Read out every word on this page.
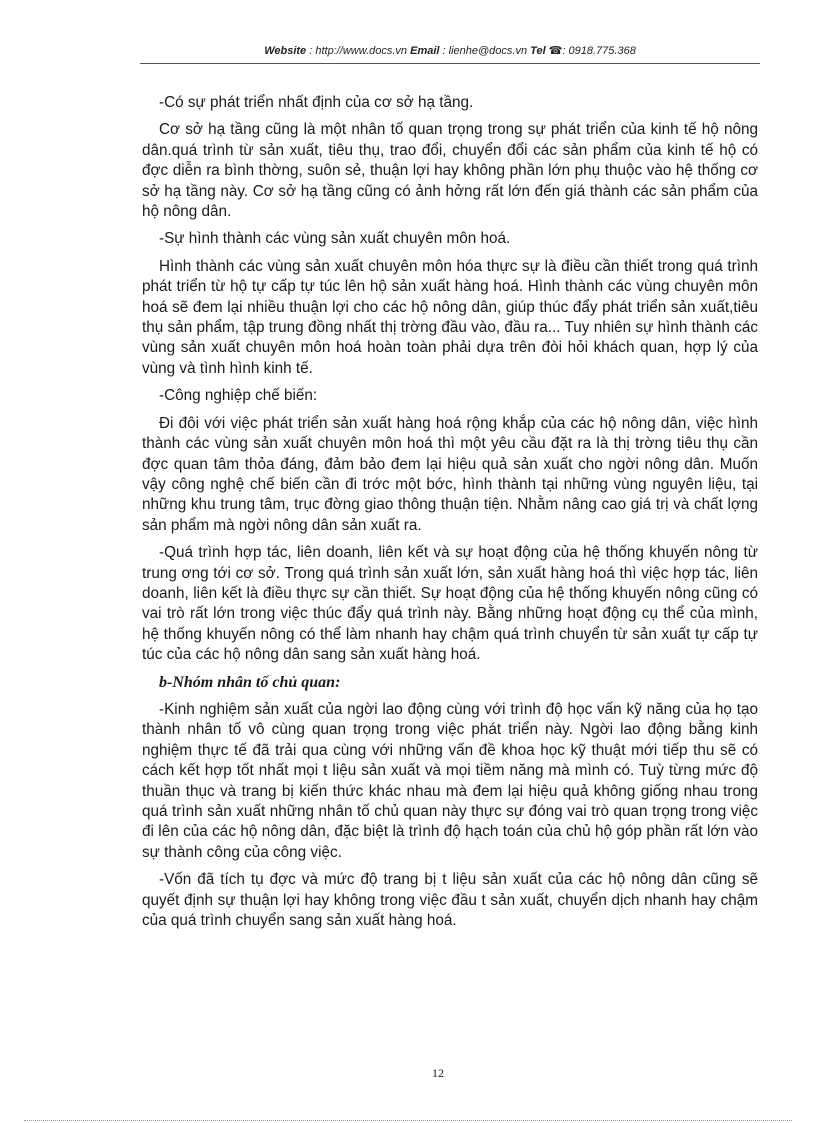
Website : http://www.docs.vn Email : lienhe@docs.vn Tel ☎: 0918.775.368

-Có sự phát triển nhất định của cơ sở hạ tầng.

Cơ sở hạ tầng cũng là một nhân tố quan trọng trong sự phát triển của kinh tế hộ nông dân.quá trình từ sản xuất, tiêu thụ, trao đổi, chuyển đổi các sản phẩm của kinh tế hộ có đợc diễn ra bình thờng, suôn sẻ, thuận lợi hay không phần lớn phụ thuộc vào hệ thống cơ sở hạ tầng này. Cơ sở hạ tầng cũng có ảnh hởng rất lớn đến giá thành các sản phẩm của hộ nông dân.

-Sự hình thành các vùng sản xuất chuyên môn hoá.

Hình thành các vùng sản xuất chuyên môn hóa thực sự là điều cần thiết trong quá trình phát triển từ hộ tự cấp tự túc lên hộ sản xuất hàng hoá. Hình thành các vùng chuyên môn hoá sẽ đem lại nhiều thuận lợi cho các hộ nông dân, giúp thúc đẩy phát triển sản xuất,tiêu thụ sản phẩm, tập trung đồng nhất thị trờng đầu vào, đầu ra... Tuy nhiên sự hình thành các vùng sản xuất chuyên môn hoá hoàn toàn phải dựa trên đòi hỏi khách quan, hợp lý của vùng và tình hình kinh tế.

-Công nghiệp chế biến:

Đi đôi với việc phát triển sản xuất hàng hoá rộng khắp của các hộ nông dân, việc hình thành các vùng sản xuất chuyên môn hoá thì một yêu cầu đặt ra là thị trờng tiêu thụ cần đợc quan tâm thỏa đáng, đảm bảo đem lại hiệu quả sản xuất cho ngời nông dân. Muốn vậy công nghệ chế biến cần đi trớc một bớc, hình thành tại những vùng nguyên liệu, tại những khu trung tâm, trục đờng giao thông thuận tiện. Nhằm nâng cao giá trị và chất lợng sản phẩm mà ngời nông dân sản xuất ra.

-Quá trình hợp tác, liên doanh, liên kết và sự hoạt động của hệ thống khuyến nông từ trung ơng tới cơ sở. Trong quá trình sản xuất lớn, sản xuất hàng hoá thì việc hợp tác, liên doanh, liên kết là điều thực sự cần thiết. Sự hoạt động của hệ thống khuyến nông cũng có vai trò rất lớn trong việc thúc đẩy quá trình này. Bằng những hoạt động cụ thể của mình, hệ thống khuyến nông có thể làm nhanh hay chậm quá trình chuyển từ sản xuất tự cấp tự túc của các hộ nông dân sang sản xuất hàng hoá.

b-Nhóm nhân tố chủ quan:

-Kinh nghiệm sản xuất của ngời lao động cùng với trình độ học vấn kỹ năng của họ tạo thành nhân tố vô cùng quan trọng trong việc phát triển này. Ngời lao động bằng kinh nghiệm thực tế đã trải qua cùng với những vấn đề khoa học kỹ thuật mới tiếp thu sẽ có cách kết hợp tốt nhất mọi t liệu sản xuất và mọi tiềm năng mà mình có. Tuỳ từng mức độ thuần thục và trang bị kiến thức khác nhau mà đem lại hiệu quả không giống nhau trong quá trình sản xuất những nhân tố chủ quan này thực sự đóng vai trò quan trọng trong việc đi lên của các hộ nông dân, đặc biệt là trình độ hạch toán của chủ hộ góp phần rất lớn vào sự thành công của công việc.

-Vốn đã tích tụ đợc và mức độ trang bị t liệu sản xuất của các hộ nông dân cũng sẽ quyết định sự thuận lợi hay không trong việc đầu t sản xuất, chuyển dịch nhanh hay chậm của quá trình chuyển sang sản xuất hàng hoá.

12
